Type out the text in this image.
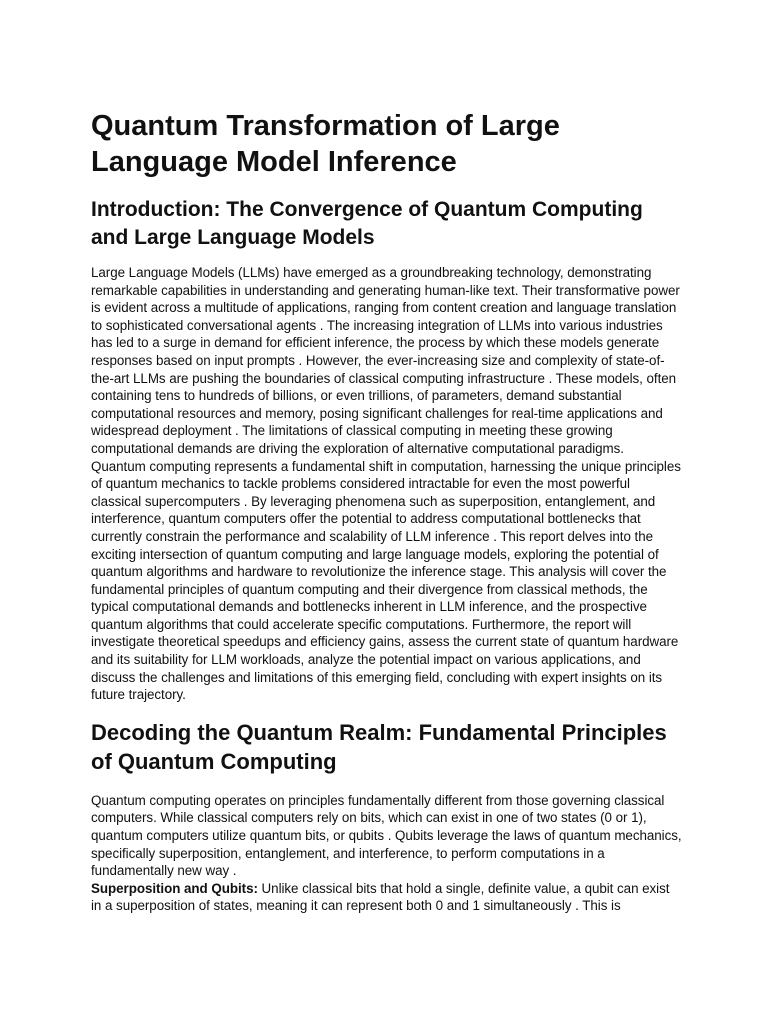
Quantum Transformation of Large Language Model Inference
Introduction: The Convergence of Quantum Computing and Large Language Models

Large Language Models (LLMs) have emerged as a groundbreaking technology, demonstrating remarkable capabilities in understanding and generating human-like text. Their transformative power is evident across a multitude of applications, ranging from content creation and language translation to sophisticated conversational agents . The increasing integration of LLMs into various industries has led to a surge in demand for efficient inference, the process by which these models generate responses based on input prompts . However, the ever-increasing size and complexity of state-of-the-art LLMs are pushing the boundaries of classical computing infrastructure . These models, often containing tens to hundreds of billions, or even trillions, of parameters, demand substantial computational resources and memory, posing significant challenges for real-time applications and widespread deployment . The limitations of classical computing in meeting these growing computational demands are driving the exploration of alternative computational paradigms.

Quantum computing represents a fundamental shift in computation, harnessing the unique principles of quantum mechanics to tackle problems considered intractable for even the most powerful classical supercomputers . By leveraging phenomena such as superposition, entanglement, and interference, quantum computers offer the potential to address computational bottlenecks that currently constrain the performance and scalability of LLM inference . This report delves into the exciting intersection of quantum computing and large language models, exploring the potential of quantum algorithms and hardware to revolutionize the inference stage. This analysis will cover the fundamental principles of quantum computing and their divergence from classical methods, the typical computational demands and bottlenecks inherent in LLM inference, and the prospective quantum algorithms that could accelerate specific computations. Furthermore, the report will investigate theoretical speedups and efficiency gains, assess the current state of quantum hardware and its suitability for LLM workloads, analyze the potential impact on various applications, and discuss the challenges and limitations of this emerging field, concluding with expert insights on its future trajectory.

Decoding the Quantum Realm: Fundamental Principles of Quantum Computing

Quantum computing operates on principles fundamentally different from those governing classical computers. While classical computers rely on bits, which can exist in one of two states (0 or 1), quantum computers utilize quantum bits, or qubits . Qubits leverage the laws of quantum mechanics, specifically superposition, entanglement, and interference, to perform computations in a fundamentally new way .

Superposition and Qubits: Unlike classical bits that hold a single, definite value, a qubit can exist in a superposition of states, meaning it can represent both 0 and 1 simultaneously . This is
